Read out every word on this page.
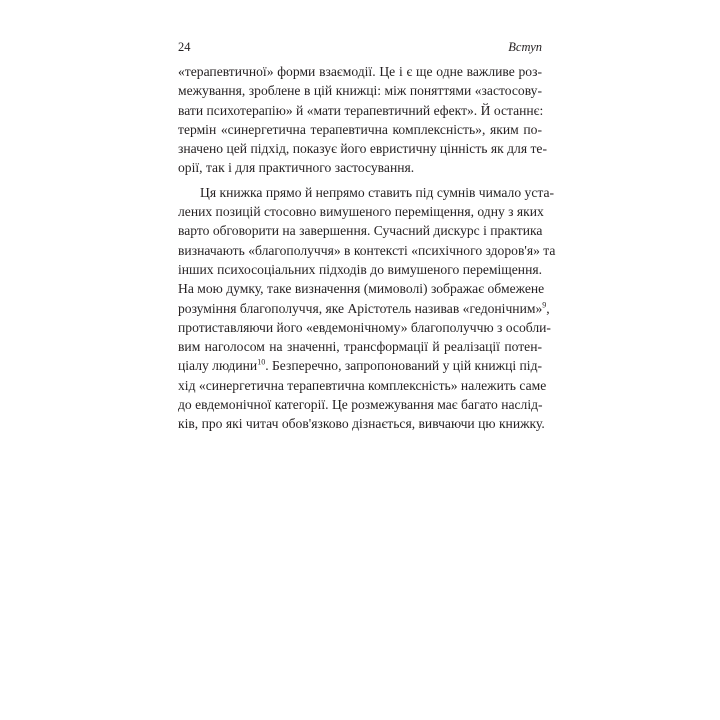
24	Вступ
«терапевтичної» форми взаємодії. Це і є ще одне важливе роз-
межування, зроблене в цій книжці: між поняттями «застосову-
вати психотерапію» й «мати терапевтичний ефект». Й останнє:
термін «синергетична терапевтична комплексність», яким по-
значено цей підхід, показує його евристичну цінність як для те-
орії, так і для практичного застосування.
Ця книжка прямо й непрямо ставить під сумнів чимало уста-
лених позицій стосовно вимушеного переміщення, одну з яких
варто обговорити на завершення. Сучасний дискурс і практика
визначають «благополуччя» в контексті «психічного здоров'я» та
інших психосоціальних підходів до вимушеного переміщення.
На мою думку, таке визначення (мимоволі) зображає обмежене
розуміння благополуччя, яке Арістотель називав «гедонічним»$^9$,
протиставляючи його «евдемонічному» благополуччю з особли-
вим наголосом на значенні, трансформації й реалізації потен-
ціалу людини$^{10}$. Безперечно, запропонований у цій книжці під-
хід «синергетична терапевтична комплексність» належить саме
до евдемонічної категорії. Це розмежування має багато наслід-
ків, про які читач обов'язково дізнається, вивчаючи цю книжку.
